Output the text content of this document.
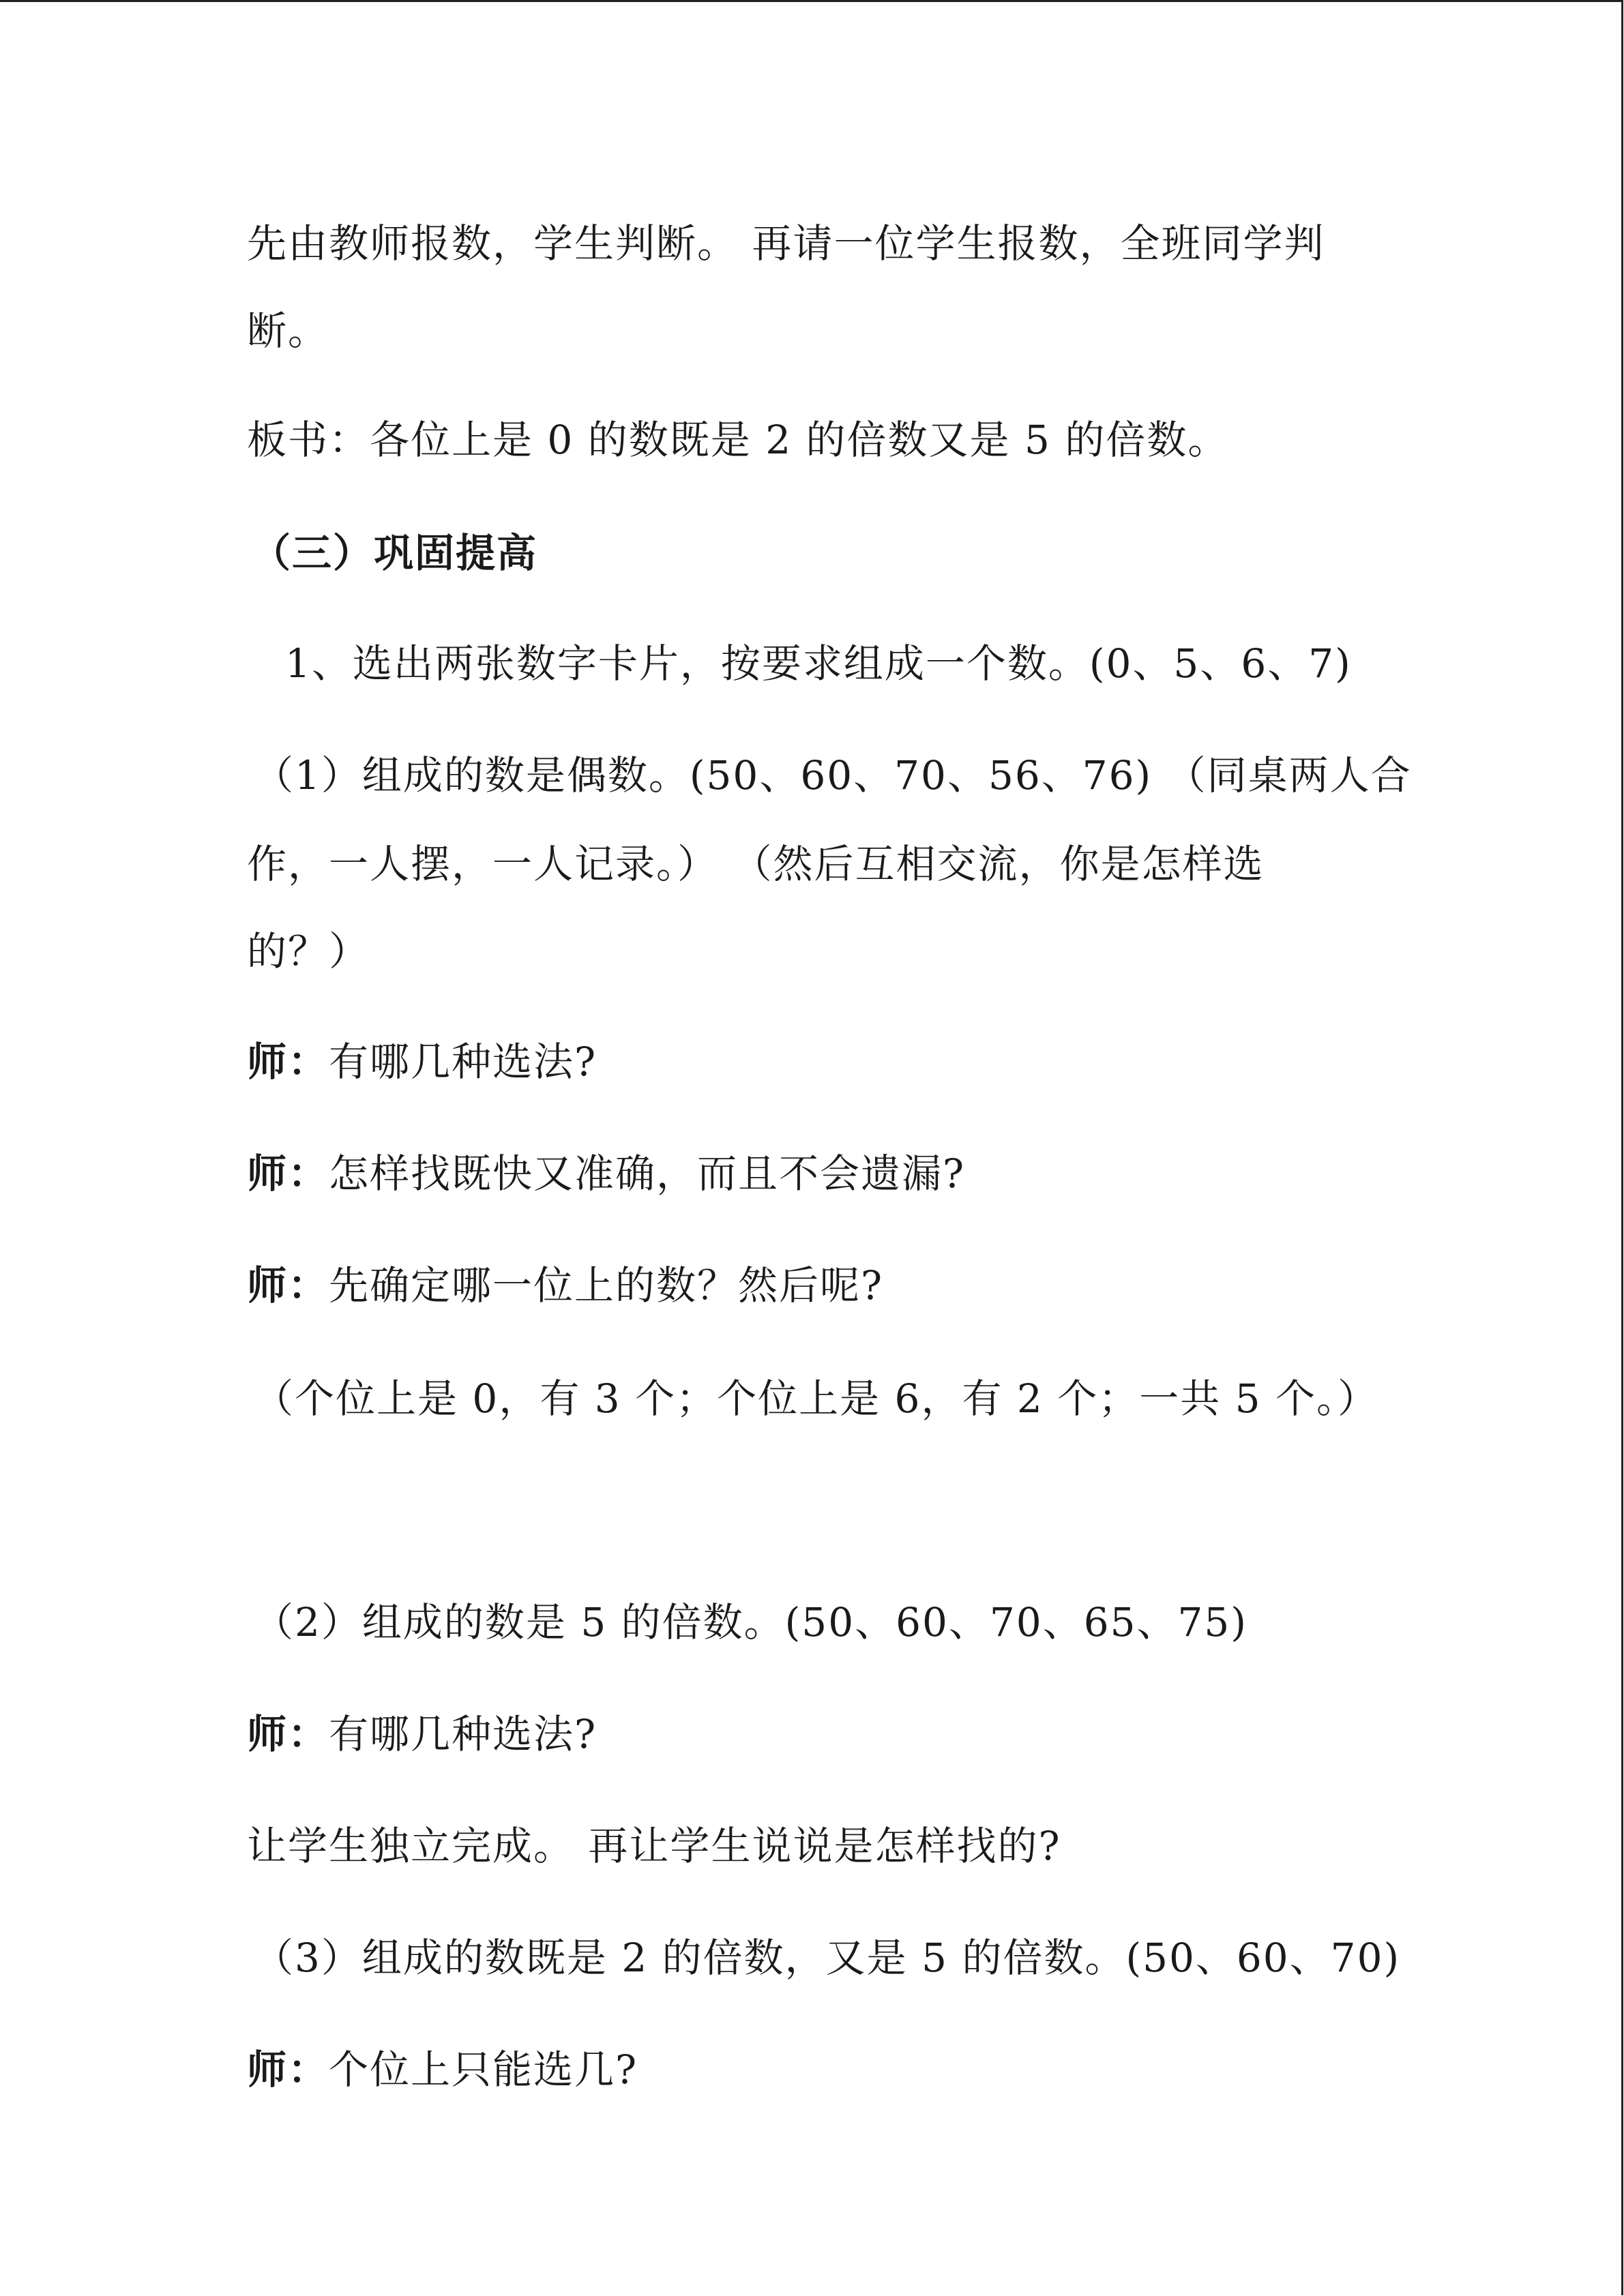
先由教师报数，学生判断。 再请一位学生报数，全班同学判
断。
板书：各位上是 0 的数既是 2 的倍数又是 5 的倍数。
（三）巩固提高
1、选出两张数字卡片，按要求组成一个数。(0、5、6、7)
（1）组成的数是偶数。(50、60、70、56、76) （同桌两人合
作，一人摆，一人记录。） （然后互相交流，你是怎样选
的？）
师：有哪几种选法?
师：怎样找既快又准确，而且不会遗漏?
师：先确定哪一位上的数？然后呢?
（个位上是 0，有 3 个；个位上是 6，有 2 个；一共 5 个。）
（2）组成的数是 5 的倍数。(50、60、70、65、75)
师：有哪几种选法?
让学生独立完成。 再让学生说说是怎样找的?
（3）组成的数既是 2 的倍数，又是 5 的倍数。(50、60、70)
师：个位上只能选几?
